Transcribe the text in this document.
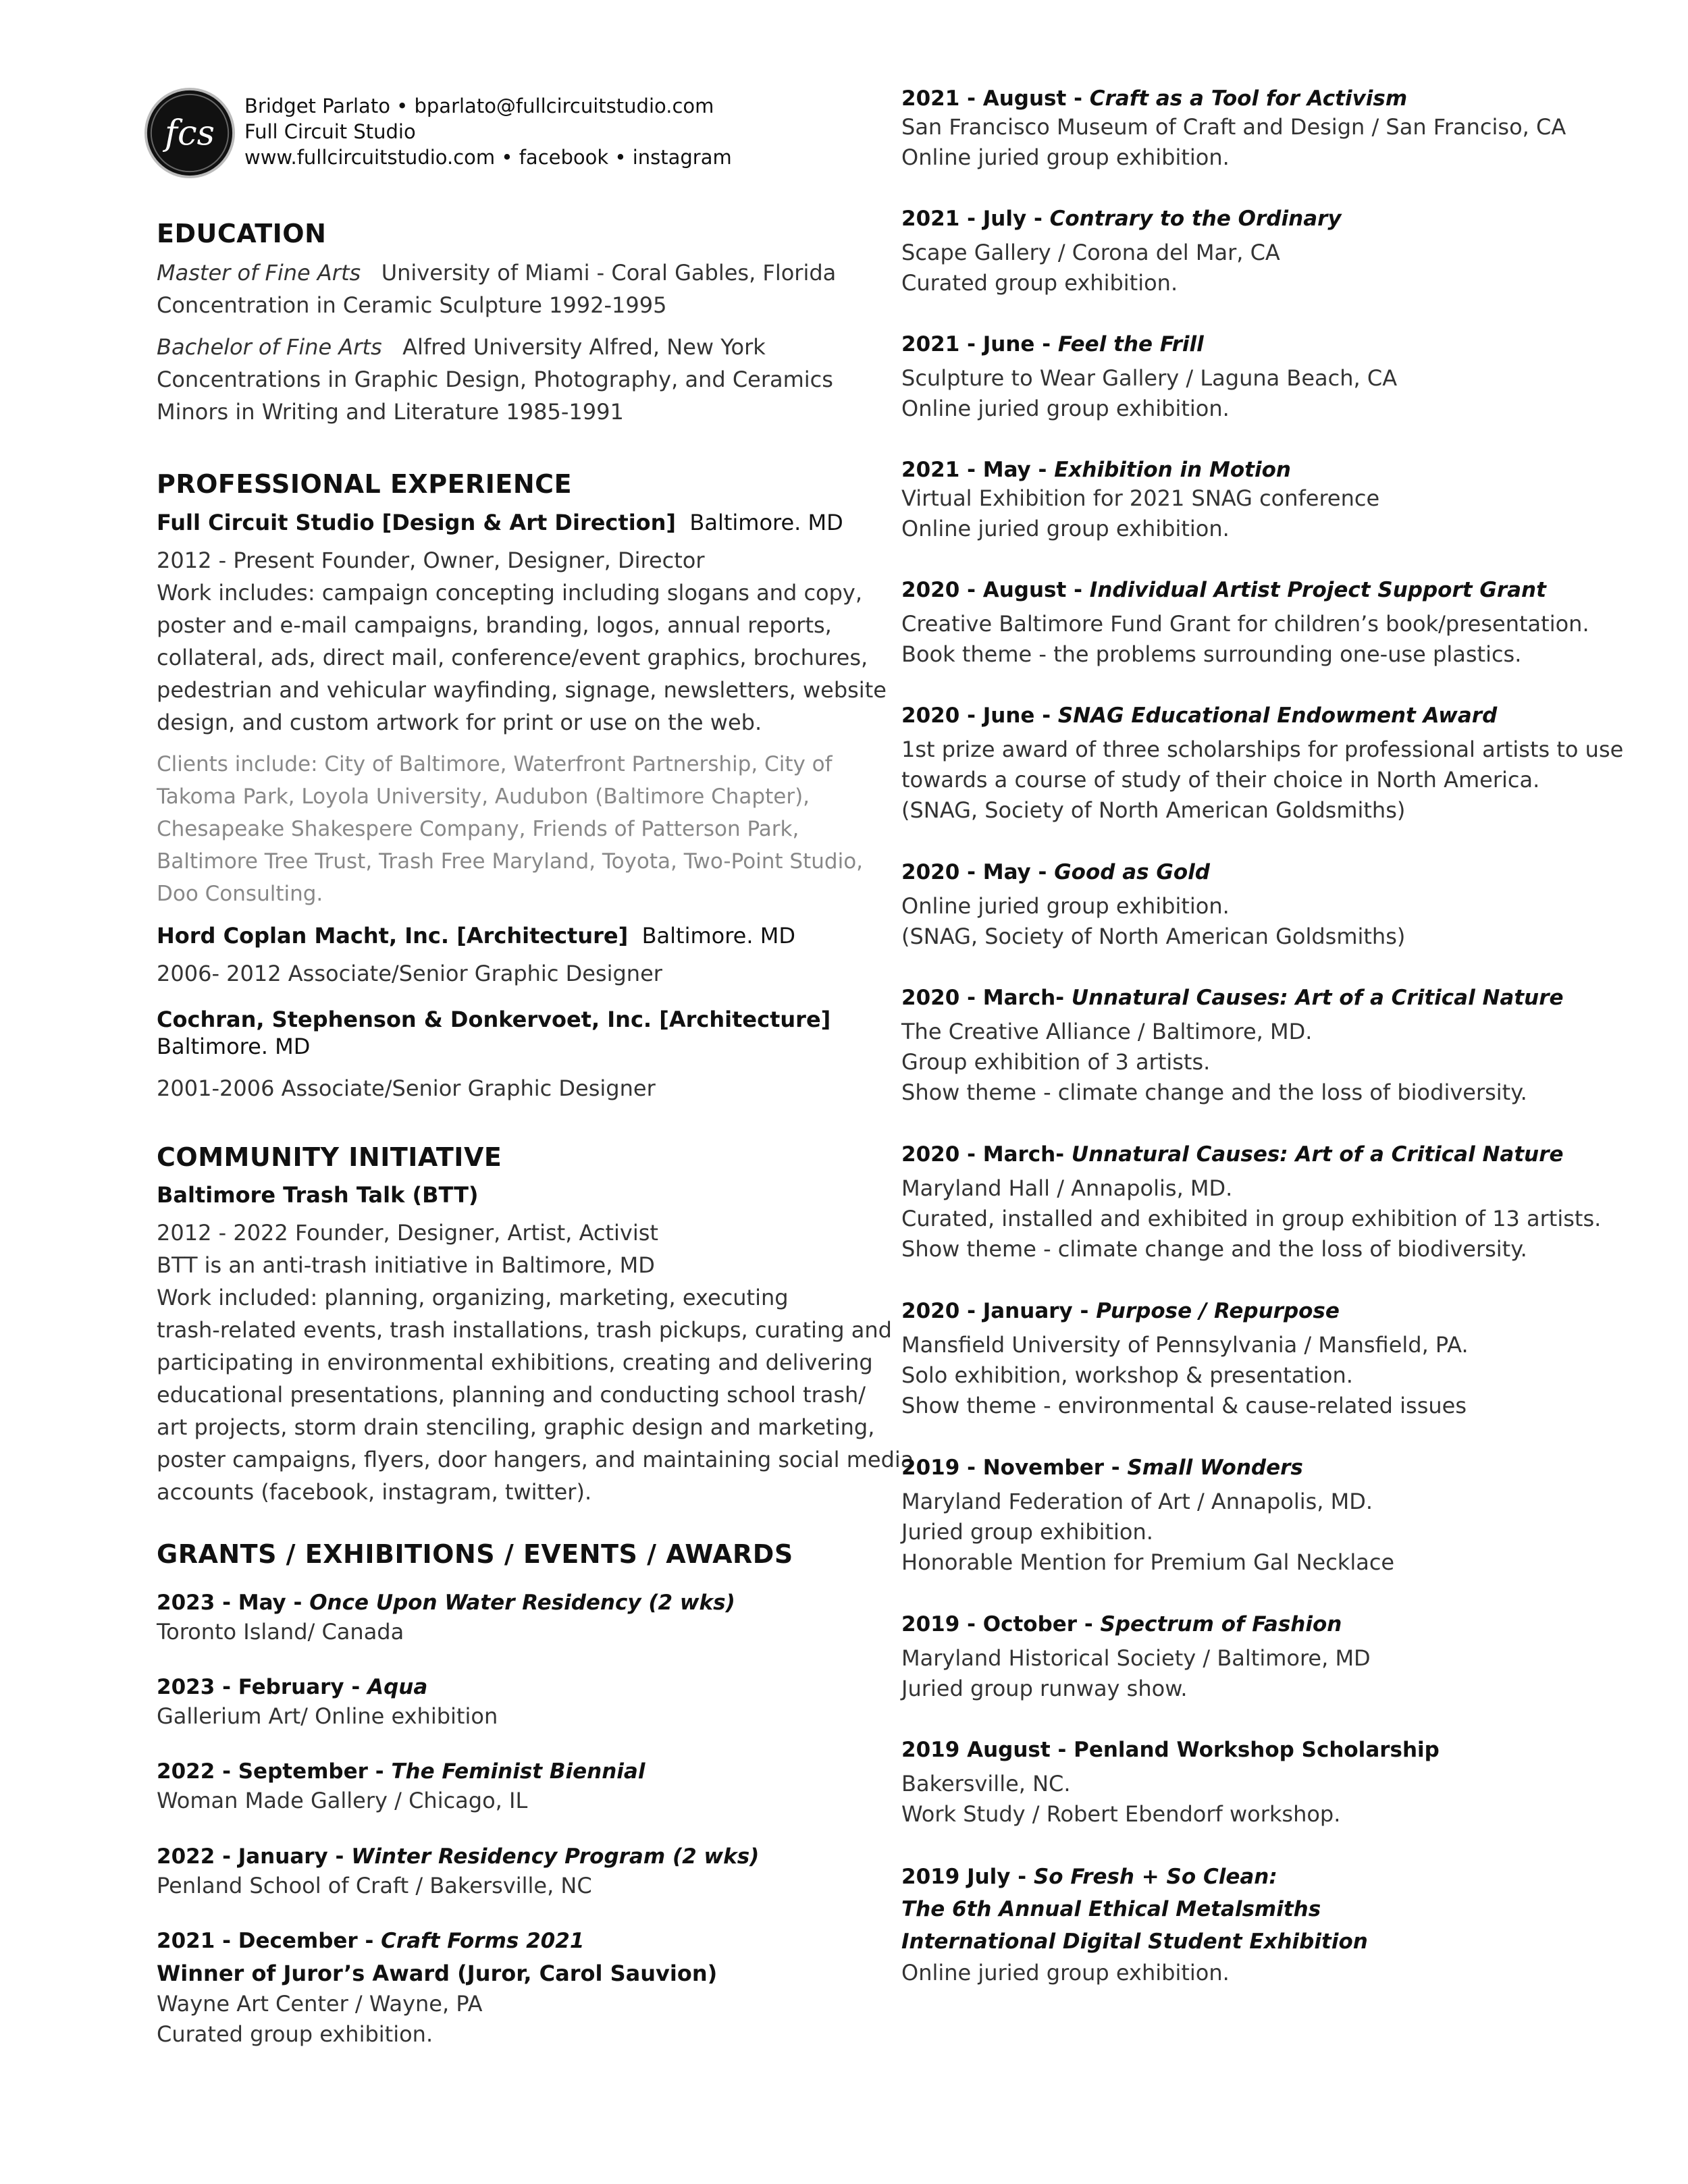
fcs
Bridget Parlato • bparlato@fullcircuitstudio.com
Full Circuit Studio
www.fullcircuitstudio.com • facebook • instagram
EDUCATION
Master of Fine Arts University of Miami - Coral Gables, Florida
Concentration in Ceramic Sculpture 1992-1995
Bachelor of Fine Arts Alfred University Alfred, New York
Concentrations in Graphic Design, Photography, and Ceramics
Minors in Writing and Literature 1985-1991
PROFESSIONAL EXPERIENCE
Full Circuit Studio [Design & Art Direction] Baltimore. MD
2012 - Present Founder, Owner, Designer, Director
Work includes: campaign concepting including slogans and copy,
poster and e-mail campaigns, branding, logos, annual reports,
collateral, ads, direct mail, conference/event graphics, brochures,
pedestrian and vehicular wayfinding, signage, newsletters, website
design, and custom artwork for print or use on the web.
Clients include: City of Baltimore, Waterfront Partnership, City of
Takoma Park, Loyola University, Audubon (Baltimore Chapter),
Chesapeake Shakespere Company, Friends of Patterson Park,
Baltimore Tree Trust, Trash Free Maryland, Toyota, Two-Point Studio,
Doo Consulting.
Hord Coplan Macht, Inc. [Architecture] Baltimore. MD
2006- 2012 Associate/Senior Graphic Designer
Cochran, Stephenson & Donkervoet, Inc. [Architecture]
Baltimore. MD
2001-2006 Associate/Senior Graphic Designer
COMMUNITY INITIATIVE
Baltimore Trash Talk (BTT)
2012 - 2022 Founder, Designer, Artist, Activist
BTT is an anti-trash initiative in Baltimore, MD
Work included: planning, organizing, marketing, executing
trash-related events, trash installations, trash pickups, curating and
participating in environmental exhibitions, creating and delivering
educational presentations, planning and conducting school trash/
art projects, storm drain stenciling, graphic design and marketing,
poster campaigns, flyers, door hangers, and maintaining social media
accounts (facebook, instagram, twitter).
GRANTS / EXHIBITIONS / EVENTS / AWARDS
2023 - May - Once Upon Water Residency (2 wks)
Toronto Island/ Canada
2023 - February - Aqua
Gallerium Art/ Online exhibition
2022 - September - The Feminist Biennial
Woman Made Gallery / Chicago, IL
2022 - January - Winter Residency Program (2 wks)
Penland School of Craft / Bakersville, NC
2021 - December - Craft Forms 2021
Winner of Juror’s Award (Juror, Carol Sauvion)
Wayne Art Center / Wayne, PA
Curated group exhibition.
2021 - August - Craft as a Tool for Activism
San Francisco Museum of Craft and Design / San Franciso, CA
Online juried group exhibition.
2021 - July - Contrary to the Ordinary
Scape Gallery / Corona del Mar, CA
Curated group exhibition.
2021 - June - Feel the Frill
Sculpture to Wear Gallery / Laguna Beach, CA
Online juried group exhibition.
2021 - May - Exhibition in Motion
Virtual Exhibition for 2021 SNAG conference
Online juried group exhibition.
2020 - August - Individual Artist Project Support Grant
Creative Baltimore Fund Grant for children’s book/presentation.
Book theme - the problems surrounding one-use plastics.
2020 - June - SNAG Educational Endowment Award
1st prize award of three scholarships for professional artists to use
towards a course of study of their choice in North America.
(SNAG, Society of North American Goldsmiths)
2020 - May - Good as Gold
Online juried group exhibition.
(SNAG, Society of North American Goldsmiths)
2020 - March- Unnatural Causes: Art of a Critical Nature
The Creative Alliance / Baltimore, MD.
Group exhibition of 3 artists.
Show theme - climate change and the loss of biodiversity.
2020 - March- Unnatural Causes: Art of a Critical Nature
Maryland Hall / Annapolis, MD.
Curated, installed and exhibited in group exhibition of 13 artists.
Show theme - climate change and the loss of biodiversity.
2020 - January - Purpose / Repurpose
Mansfield University of Pennsylvania / Mansfield, PA.
Solo exhibition, workshop & presentation.
Show theme - environmental & cause-related issues
2019 - November - Small Wonders
Maryland Federation of Art / Annapolis, MD.
Juried group exhibition.
Honorable Mention for Premium Gal Necklace
2019 - October - Spectrum of Fashion
Maryland Historical Society / Baltimore, MD
Juried group runway show.
2019 August - Penland Workshop Scholarship
Bakersville, NC.
Work Study / Robert Ebendorf workshop.
2019 July - So Fresh + So Clean:
The 6th Annual Ethical Metalsmiths
International Digital Student Exhibition
Online juried group exhibition.
